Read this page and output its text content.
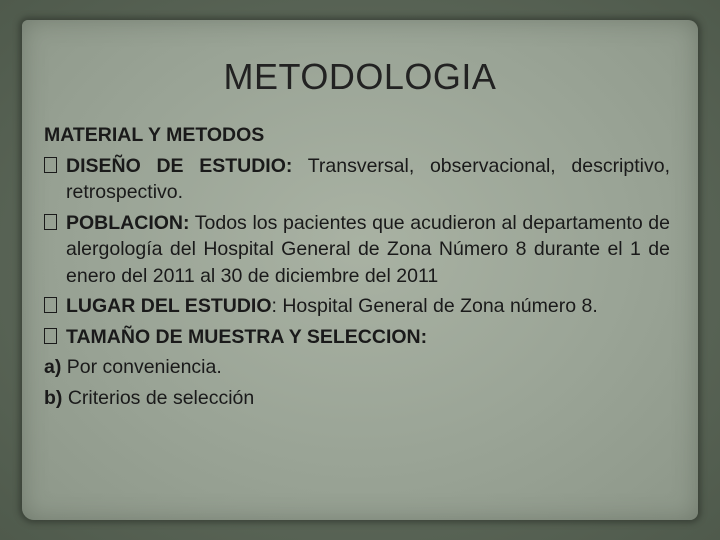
METODOLOGIA
MATERIAL Y METODOS
DISEÑO DE ESTUDIO: Transversal, observacional, descriptivo, retrospectivo.
POBLACION: Todos los pacientes que acudieron al departamento de alergología del Hospital General de Zona Número 8 durante el 1 de enero del 2011 al 30 de diciembre del 2011
LUGAR DEL ESTUDIO: Hospital General de Zona número 8.
TAMAÑO DE MUESTRA Y SELECCION:
a) Por conveniencia.
b) Criterios de selección
